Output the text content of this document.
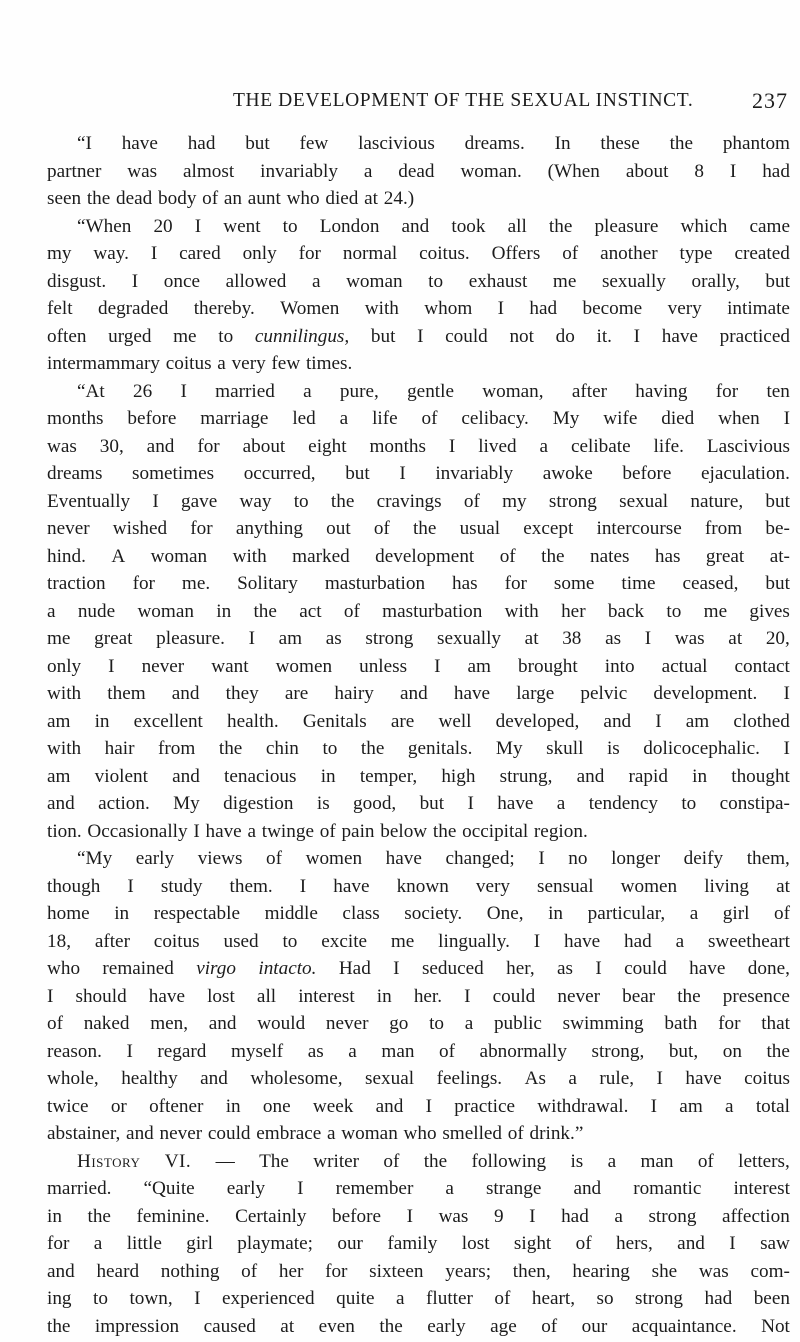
THE DEVELOPMENT OF THE SEXUAL INSTINCT.	237
“I have had but few lascivious dreams. In these the phantom
partner was almost invariably a dead woman. (When about 8 I had
seen the dead body of an aunt who died at 24.)
“When 20 I went to London and took all the pleasure which came
my way. I cared only for normal coitus. Offers of another type created
disgust. I once allowed a woman to exhaust me sexually orally, but
felt degraded thereby. Women with whom I had become very intimate
often urged me to cunnilingus, but I could not do it. I have practiced
intermammary coitus a very few times.
“At 26 I married a pure, gentle woman, after having for ten
months before marriage led a life of celibacy. My wife died when I
was 30, and for about eight months I lived a celibate life. Lascivious
dreams sometimes occurred, but I invariably awoke before ejaculation.
Eventually I gave way to the cravings of my strong sexual nature, but
never wished for anything out of the usual except intercourse from be-
hind. A woman with marked development of the nates has great at-
traction for me. Solitary masturbation has for some time ceased, but
a nude woman in the act of masturbation with her back to me gives
me great pleasure. I am as strong sexually at 38 as I was at 20,
only I never want women unless I am brought into actual contact
with them and they are hairy and have large pelvic development. I
am in excellent health. Genitals are well developed, and I am clothed
with hair from the chin to the genitals. My skull is dolicocephalic. I
am violent and tenacious in temper, high strung, and rapid in thought
and action. My digestion is good, but I have a tendency to constipa-
tion. Occasionally I have a twinge of pain below the occipital region.
“My early views of women have changed; I no longer deify them,
though I study them. I have known very sensual women living at
home in respectable middle class society. One, in particular, a girl of
18, after coitus used to excite me lingually. I have had a sweetheart
who remained virgo intacto. Had I seduced her, as I could have done,
I should have lost all interest in her. I could never bear the presence
of naked men, and would never go to a public swimming bath for that
reason. I regard myself as a man of abnormally strong, but, on the
whole, healthy and wholesome, sexual feelings. As a rule, I have coitus
twice or oftener in one week and I practice withdrawal. I am a total
abstainer, and never could embrace a woman who smelled of drink.”
History VI. — The writer of the following is a man of letters,
married. “Quite early I remember a strange and romantic interest
in the feminine. Certainly before I was 9 I had a strong affection
for a little girl playmate; our family lost sight of hers, and I saw
and heard nothing of her for sixteen years; then, hearing she was com-
ing to town, I experienced quite a flutter of heart, so strong had been
the impression caused at even the early age of our acquaintance. Not
